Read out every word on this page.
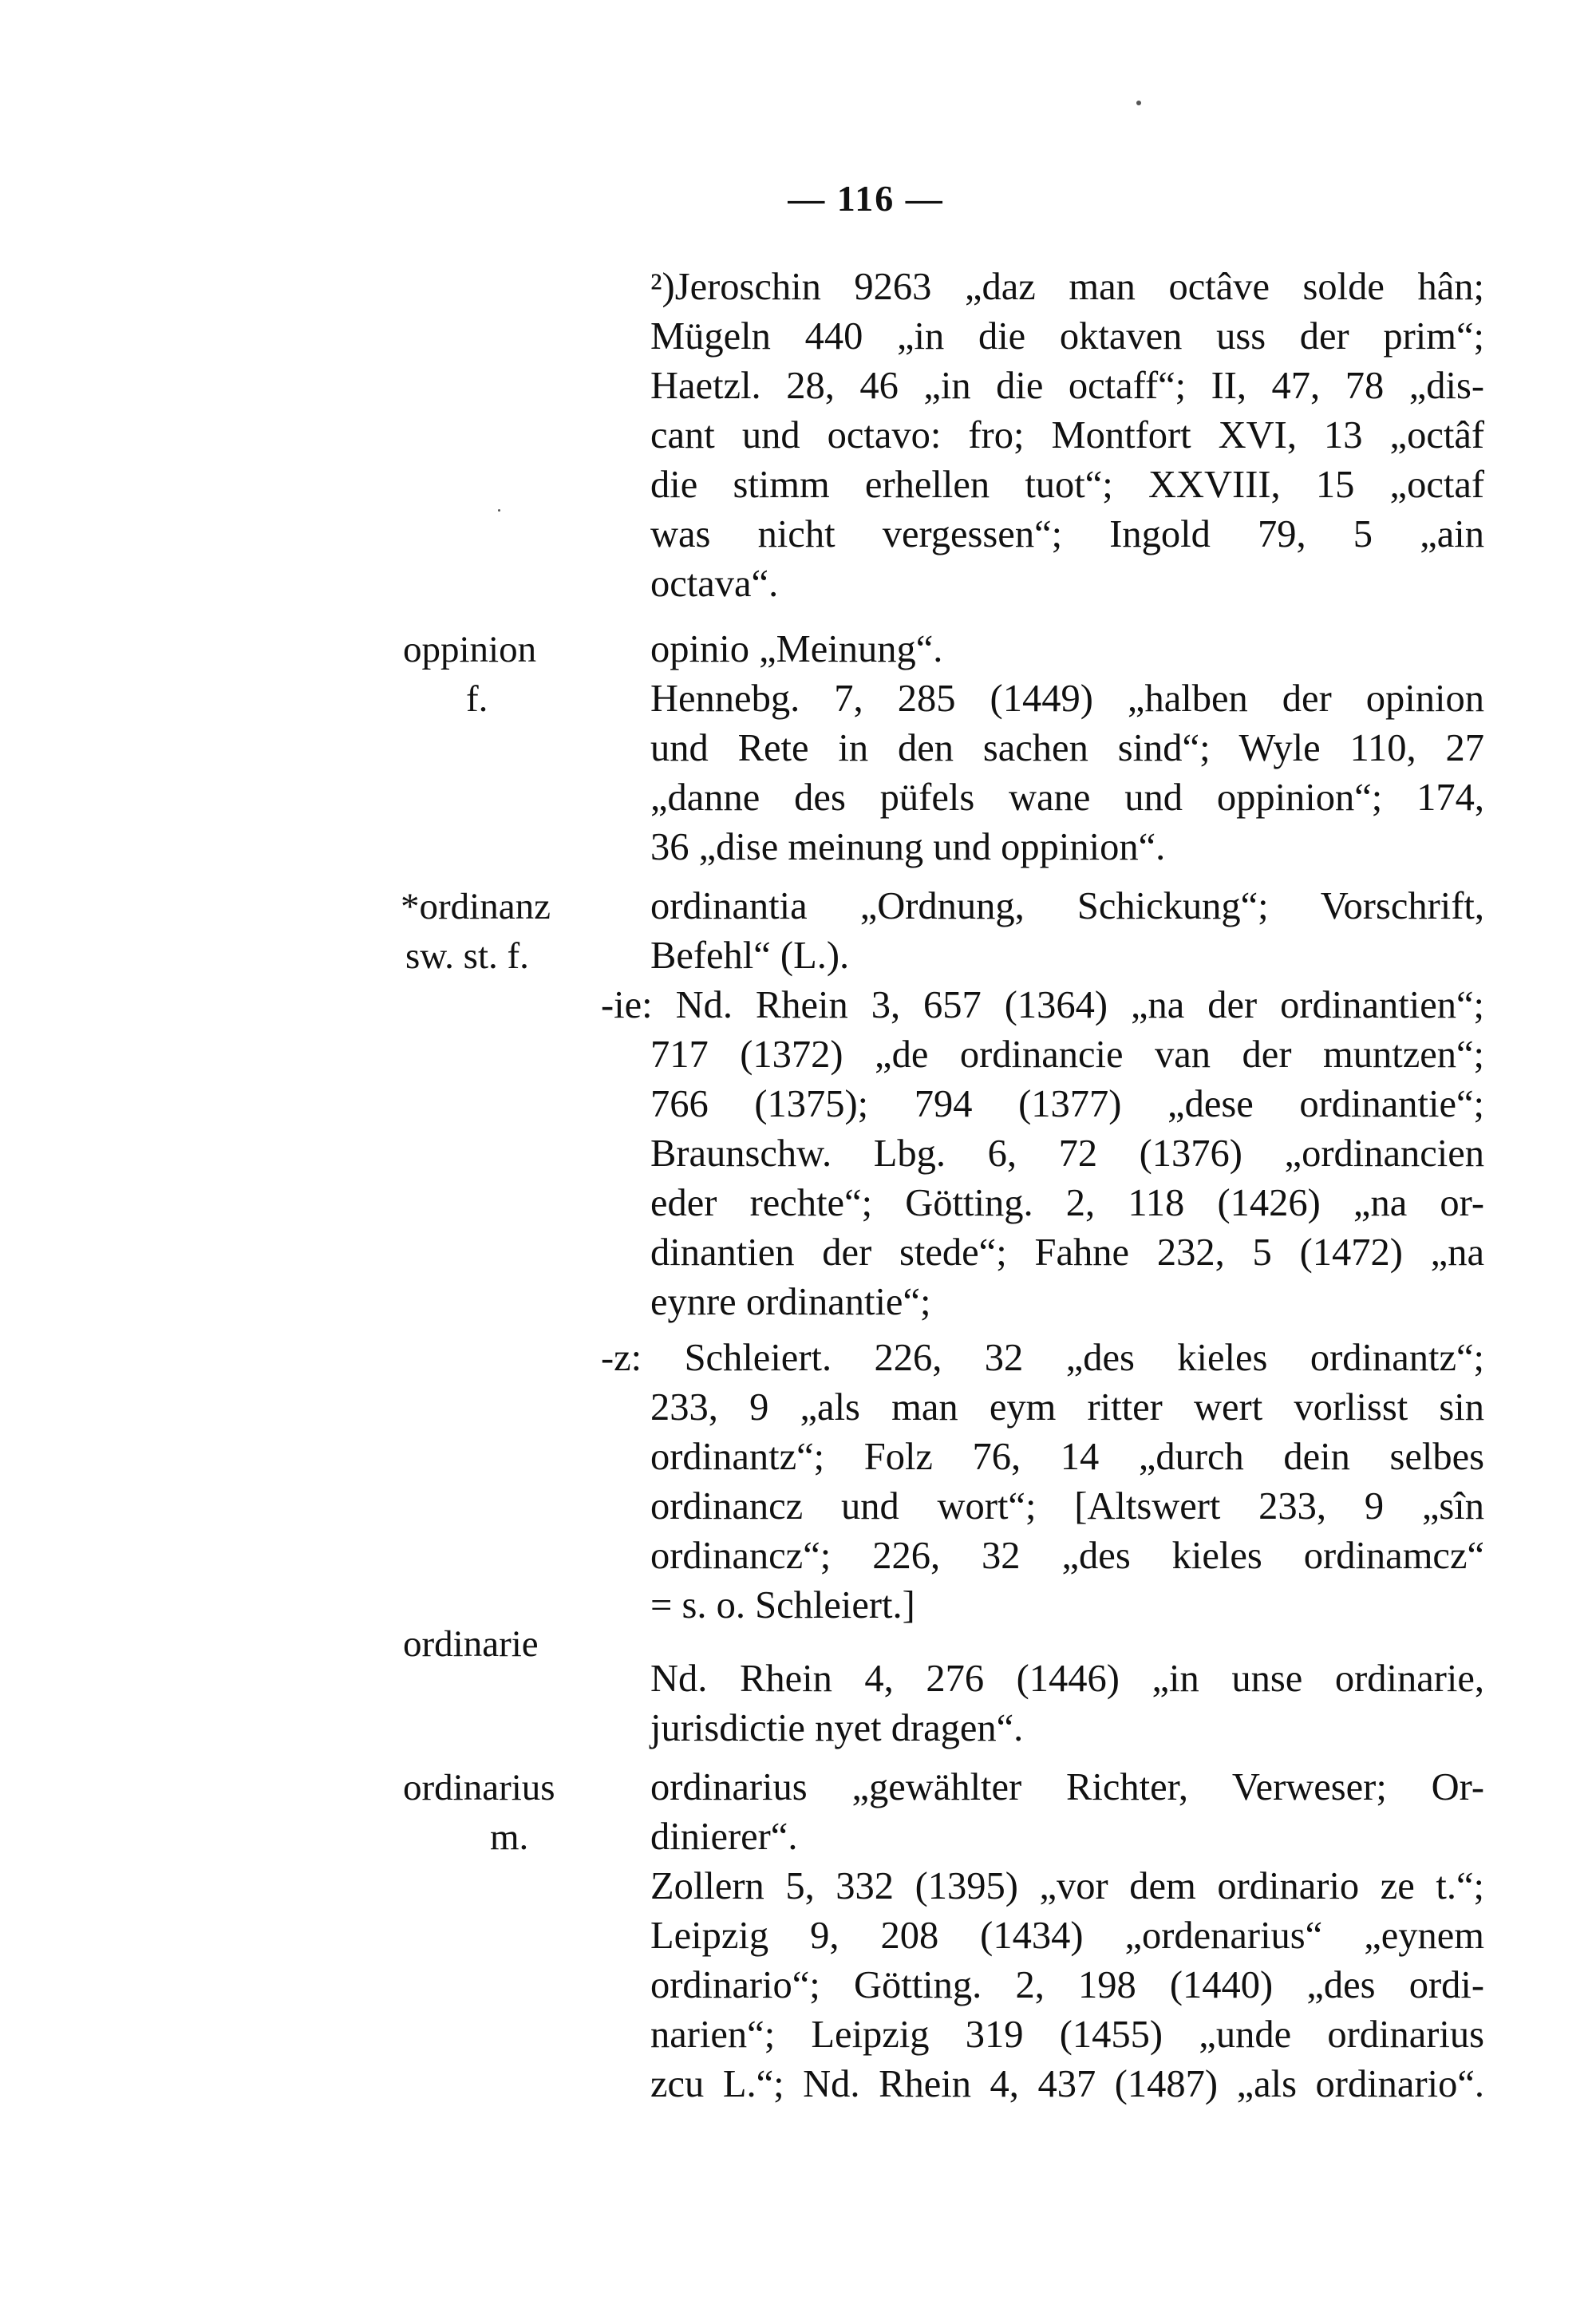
— 116 —
²)Jeroschin 9263 „daz man octâve solde hân;
Mügeln 440 „in die oktaven uss der prim“;
Haetzl. 28, 46 „in die octaff“; II, 47, 78 „dis-
cant und octavo: fro; Montfort XVI, 13 „octâf
die stimm erhellen tuot“; XXVIII, 15 „octaf
was nicht vergessen“; Ingold 79, 5 „ain
octava“.
oppinion
f.
opinio „Meinung“.
Hennebg. 7, 285 (1449) „halben der opinion
und Rete in den sachen sind“; Wyle 110, 27
„danne des püfels wane und oppinion“; 174,
36 „dise meinung und oppinion“.
*ordinanz
sw. st. f.
ordinantia „Ordnung, Schickung“; Vorschrift,
Befehl“ (L.).
-ie: Nd. Rhein 3, 657 (1364) „na der ordinantien“;
717 (1372) „de ordinancie van der muntzen“;
766 (1375); 794 (1377) „dese ordinantie“;
Braunschw. Lbg. 6, 72 (1376) „ordinancien
eder rechte“; Götting. 2, 118 (1426) „na or-
dinantien der stede“; Fahne 232, 5 (1472) „na
eynre ordinantie“;
-z: Schleiert. 226, 32 „des kieles ordinantz“;
233, 9 „als man eym ritter wert vorlisst sin
ordinantz“; Folz 76, 14 „durch dein selbes
ordinancz und wort“; [Altswert 233, 9 „sîn
ordinancz“; 226, 32 „des kieles ordinamcz“
= s. o. Schleiert.]
ordinarie
Nd. Rhein 4, 276 (1446) „in unse ordinarie,
jurisdictie nyet dragen“.
ordinarius
m.
ordinarius „gewählter Richter, Verweser; Or-
dinierer“.
Zollern 5, 332 (1395) „vor dem ordinario ze t.“;
Leipzig 9, 208 (1434) „ordenarius“ „eynem
ordinario“; Götting. 2, 198 (1440) „des ordi-
narien“; Leipzig 319 (1455) „unde ordinarius
zcu L.“; Nd. Rhein 4, 437 (1487) „als ordinario“.
